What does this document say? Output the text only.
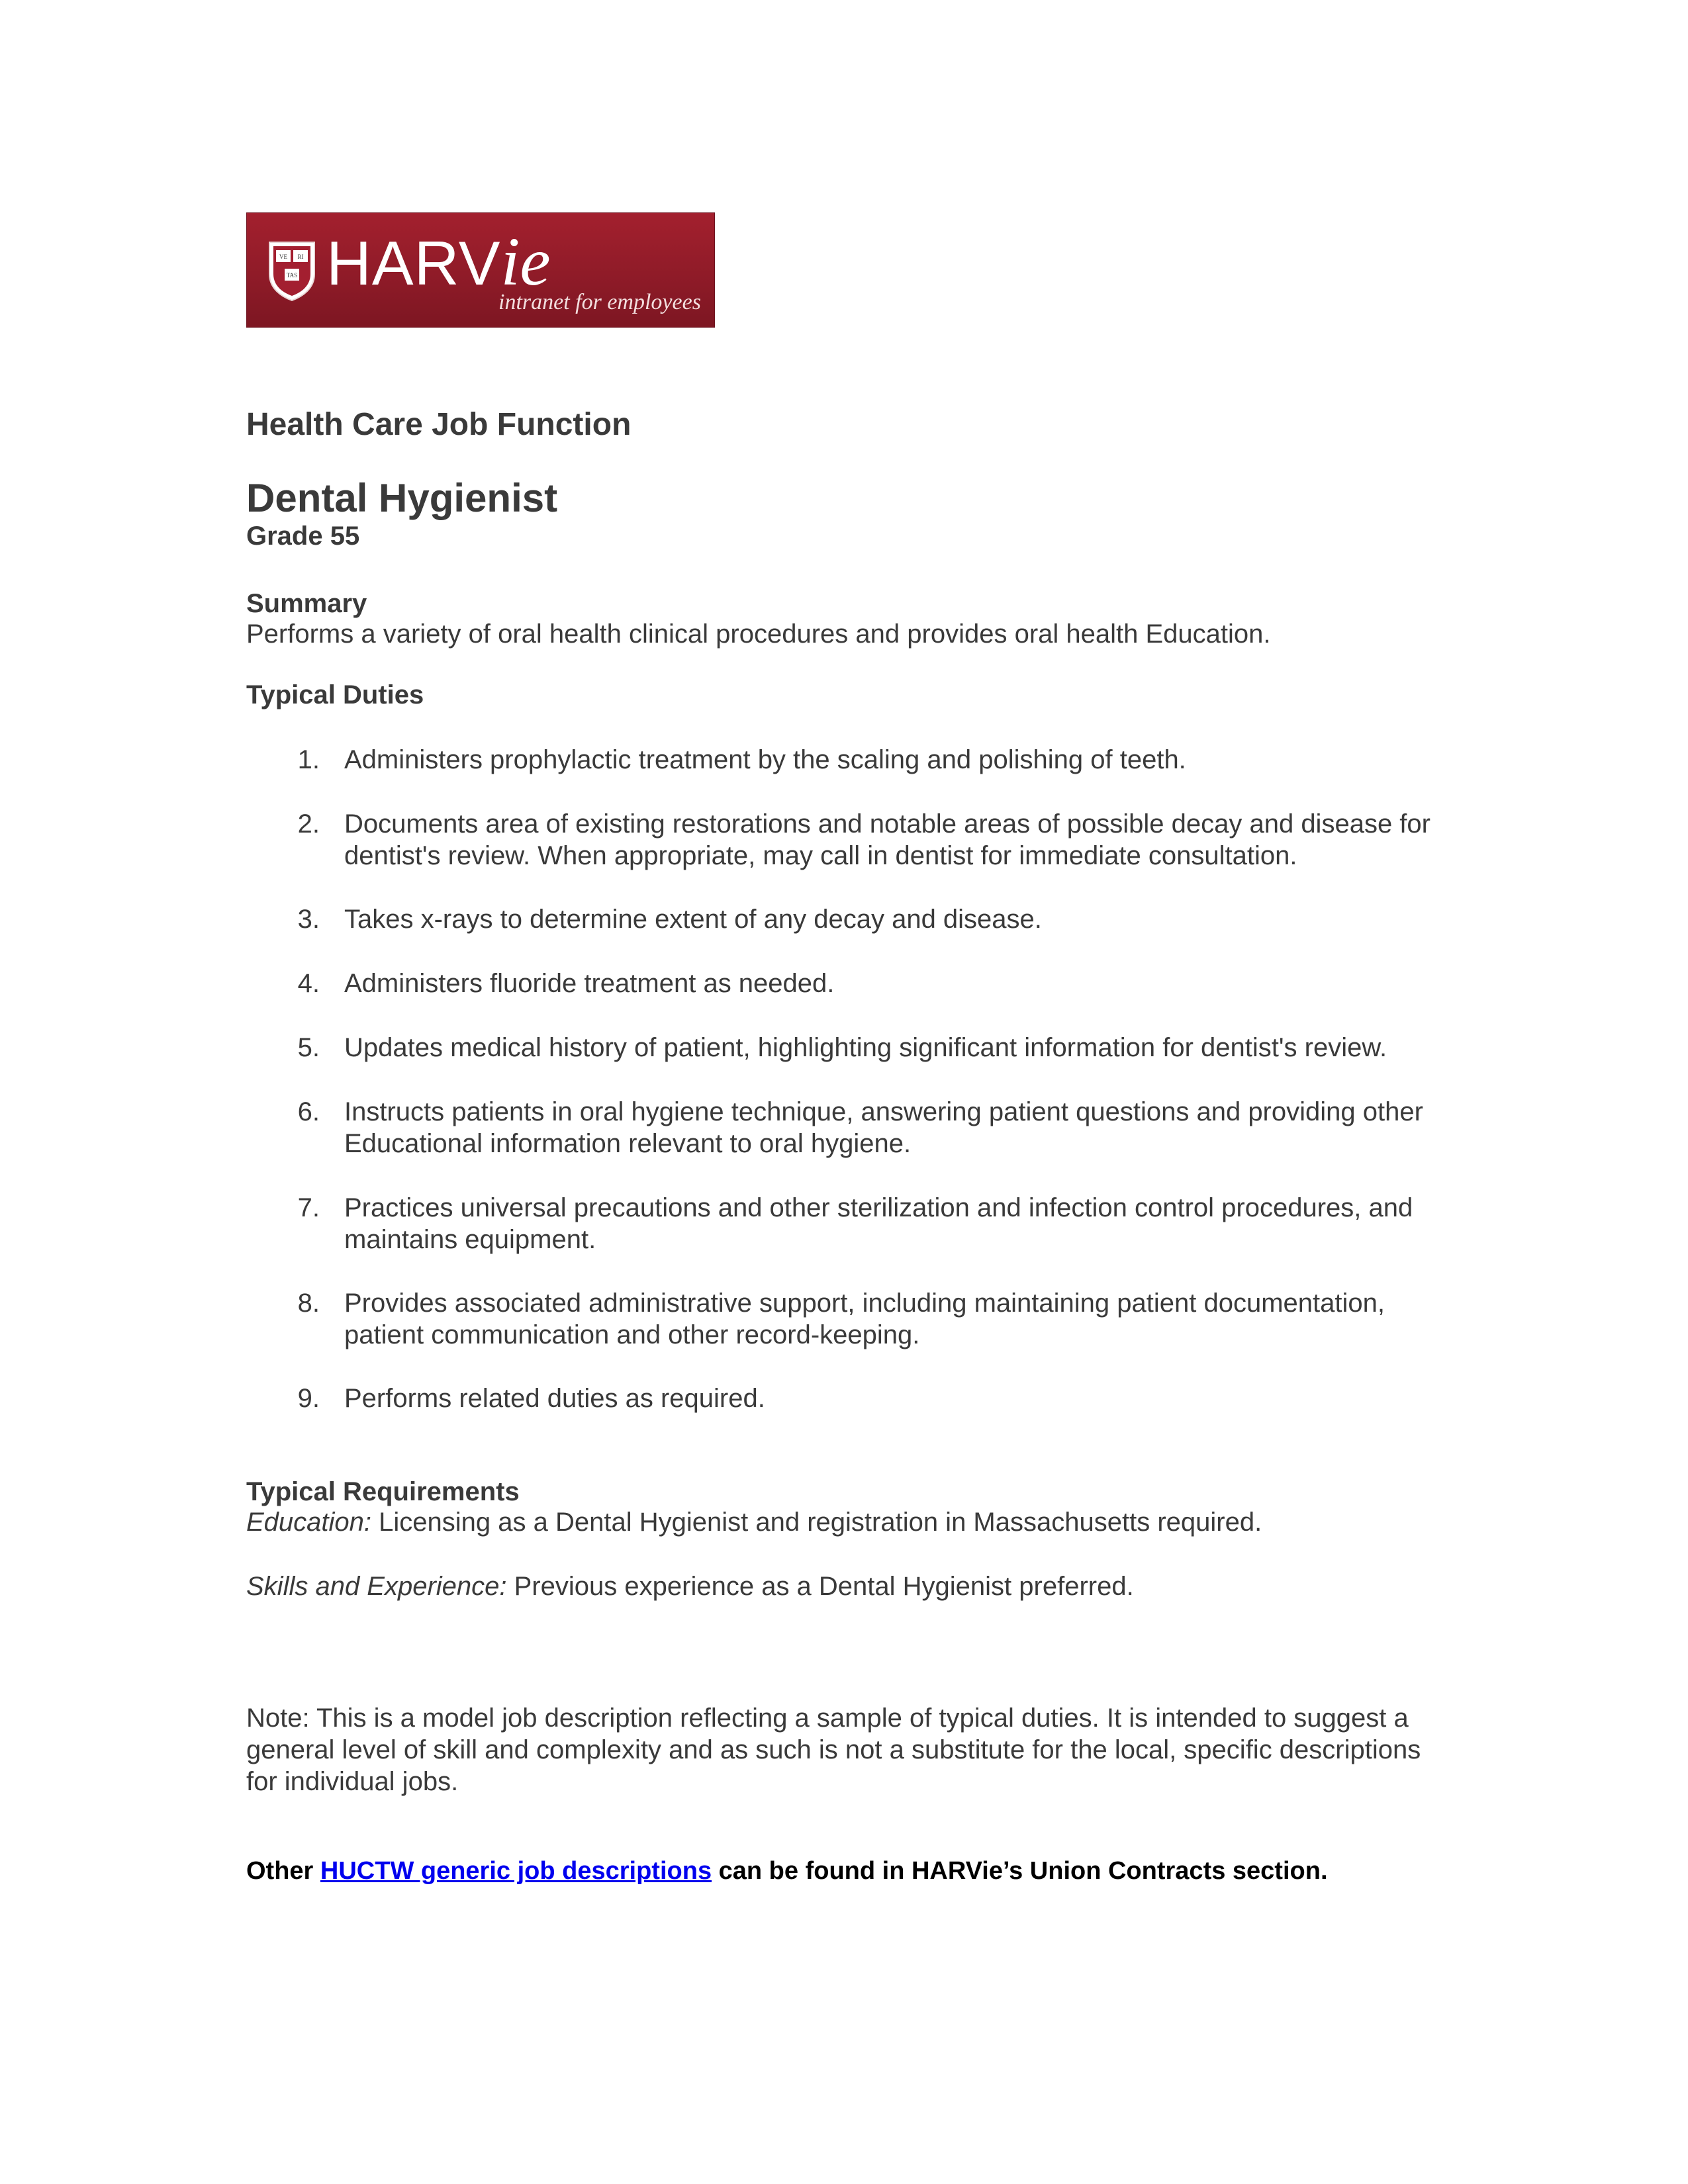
VE RI
TAS HARVie
intranet for employees
Health Care Job Function
Dental Hygienist
Grade 55
Summary
Performs a variety of oral health clinical procedures and provides oral health Education.
Typical Duties
1. Administers prophylactic treatment by the scaling and polishing of teeth.
2. Documents area of existing restorations and notable areas of possible decay and disease for dentist's review. When appropriate, may call in dentist for immediate consultation.
3. Takes x-rays to determine extent of any decay and disease.
4. Administers fluoride treatment as needed.
5. Updates medical history of patient, highlighting significant information for dentist's review.
6. Instructs patients in oral hygiene technique, answering patient questions and providing other Educational information relevant to oral hygiene.
7. Practices universal precautions and other sterilization and infection control procedures, and maintains equipment.
8. Provides associated administrative support, including maintaining patient documentation, patient communication and other record-keeping.
9. Performs related duties as required.
Typical Requirements
Education: Licensing as a Dental Hygienist and registration in Massachusetts required.
Skills and Experience: Previous experience as a Dental Hygienist preferred.
Note: This is a model job description reflecting a sample of typical duties. It is intended to suggest a general level of skill and complexity and as such is not a substitute for the local, specific descriptions for individual jobs.
Other HUCTW generic job descriptions can be found in HARVie’s Union Contracts section.
